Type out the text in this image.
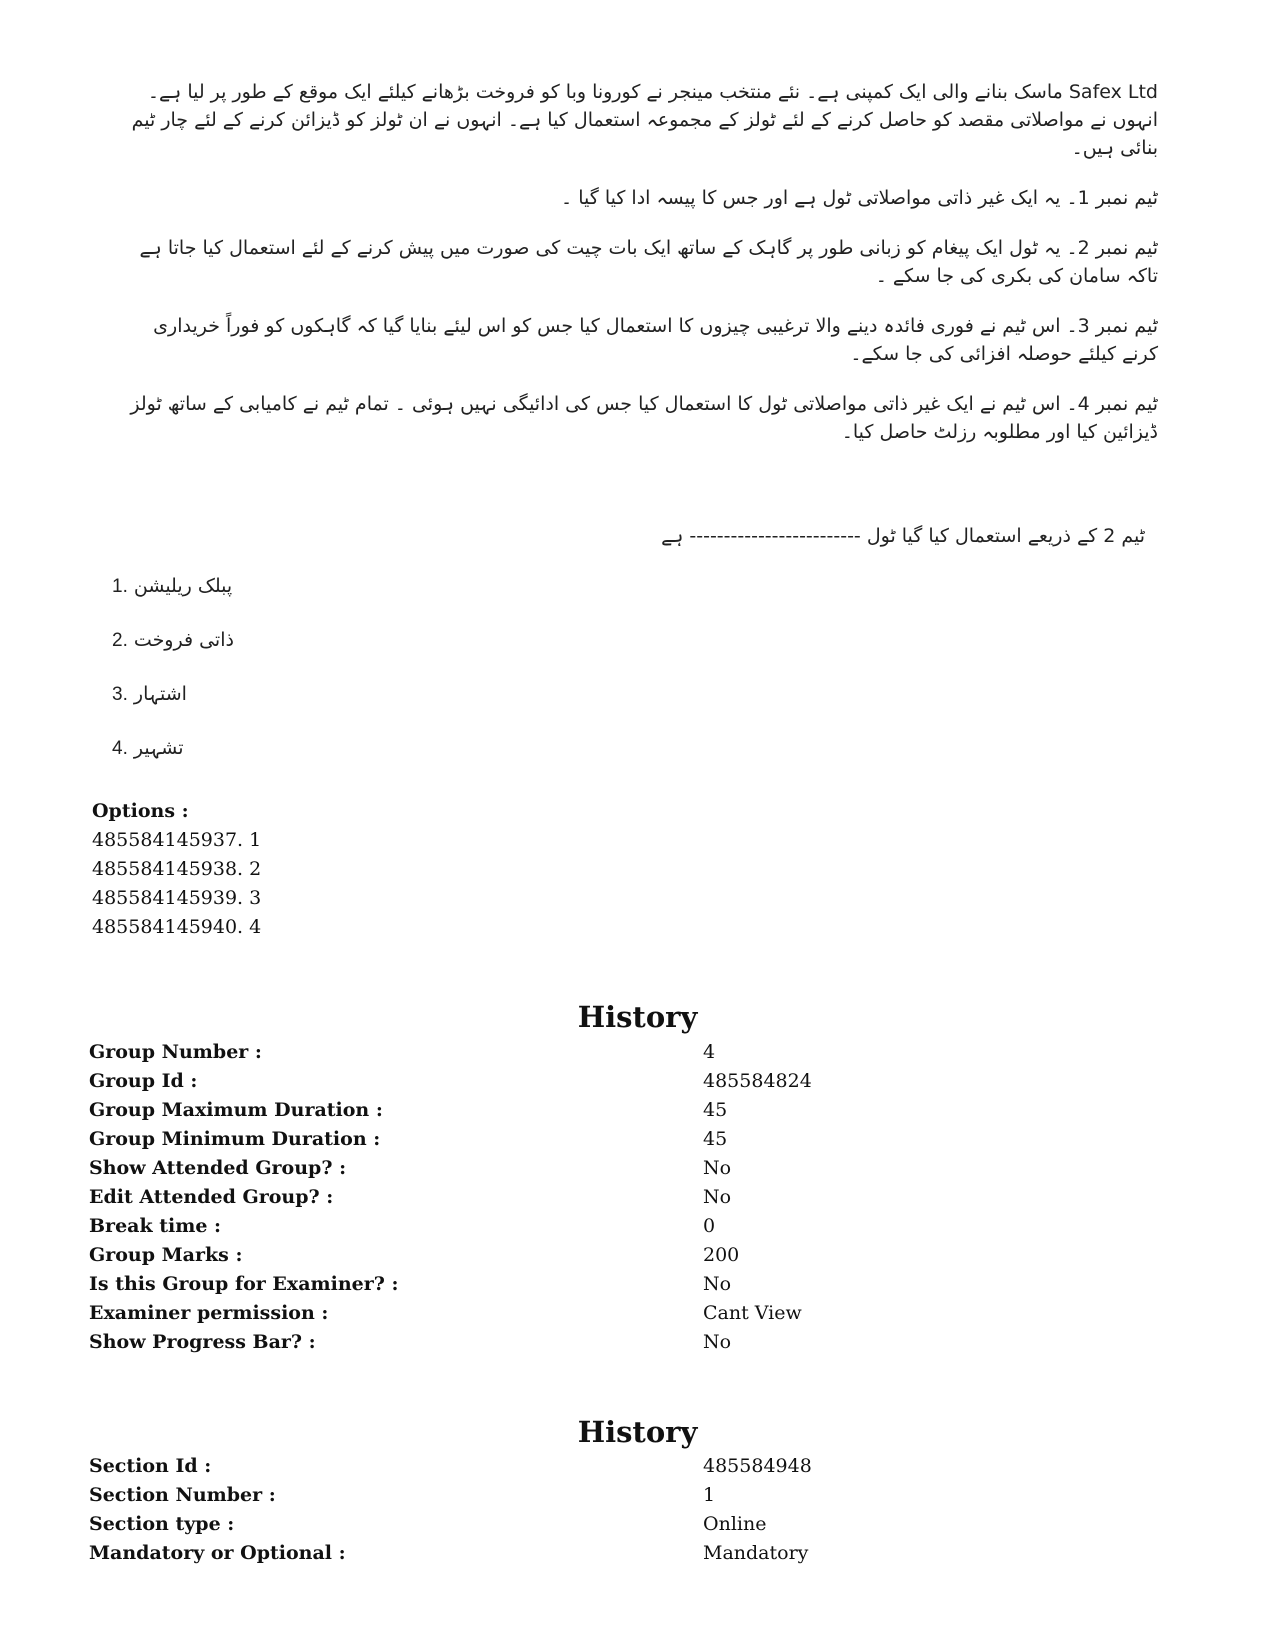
Safex Ltd ماسک بنانے والی ایک کمپنی ہے۔ نئے منتخب مینجر نے کورونا وبا کو فروخت بڑھانے کیلئے ایک موقع کے طور پر لیا ہے۔ انہوں نے مواصلاتی مقصد کو حاصل کرنے کے لئے ٹولز کے مجموعہ استعمال کیا ہے۔ انہوں نے ان ٹولز کو ڈیزائن کرنے کے لئے چار ٹیم بنائی ہیں۔

ٹیم نمبر 1۔ یہ ایک غیر ذاتی مواصلاتی ٹول ہے اور جس کا پیسہ ادا کیا گیا ۔

ٹیم نمبر 2۔ یہ ٹول ایک پیغام کو زبانی طور پر گاہک کے ساتھ ایک بات چیت کی صورت میں پیش کرنے کے لئے استعمال کیا جاتا ہے تاکہ سامان کی بکری کی جا سکے ۔

ٹیم نمبر 3۔ اس ٹیم نے فوری فائدہ دینے والا ترغیبی چیزوں کا استعمال کیا جس کو اس لیئے بنایا گیا کہ گاہکوں کو فوراً خریداری کرنے کیلئے حوصلہ افزائی کی جا سکے۔

ٹیم نمبر 4۔ اس ٹیم نے ایک غیر ذاتی مواصلاتی ٹول کا استعمال کیا جس کی ادائیگی نہیں ہوئی ۔ تمام ٹیم نے کامیابی کے ساتھ ٹولز ڈیزائین کیا اور مطلوبہ رزلٹ حاصل کیا۔

ٹیم 2 کے ذریعے استعمال کیا گیا ٹول ------------------------- ہے
1. پبلک ریلیشن
2. ذاتی فروخت
3. اشتہار
4. تشہیر
Options :
485584145937. 1
485584145938. 2
485584145939. 3
485584145940. 4
History
Group Number :	4
Group Id :	485584824
Group Maximum Duration :	45
Group Minimum Duration :	45
Show Attended Group? :	No
Edit Attended Group? :	No
Break time :	0
Group Marks :	200
Is this Group for Examiner? :	No
Examiner permission :	Cant View
Show Progress Bar? :	No
History
Section Id :	485584948
Section Number :	1
Section type :	Online
Mandatory or Optional :	Mandatory
